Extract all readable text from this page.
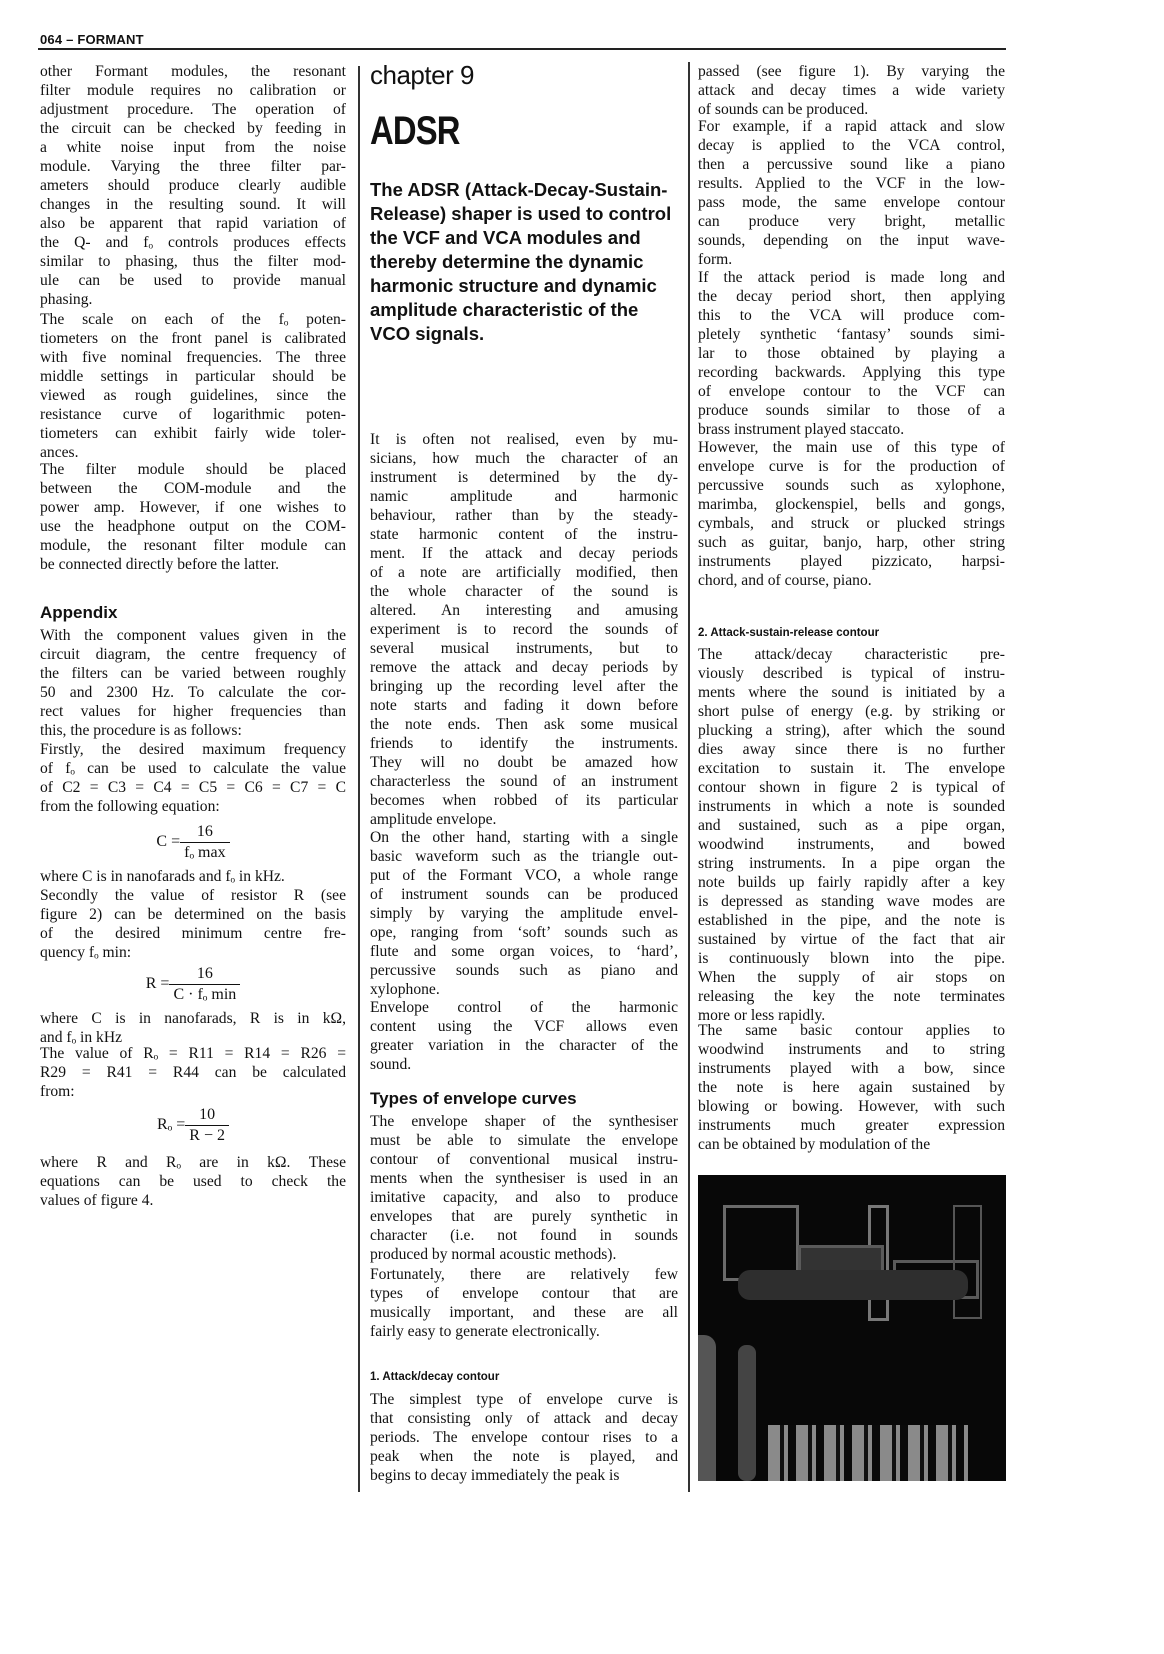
064 – FORMANT
Appendix
other Formant modules, the resonant
filter module requires no calibration or
adjustment procedure. The operation of
the circuit can be checked by feeding in
a white noise input from the noise
module. Varying the three filter par-
ameters should produce clearly audible
changes in the resulting sound. It will
also be apparent that rapid variation of
the Q- and fₒ controls produces effects
similar to phasing, thus the filter mod-
ule can be used to provide manual
phasing.
The scale on each of the fₒ poten-
tiometers on the front panel is calibrated
with five nominal frequencies. The three
middle settings in particular should be
viewed as rough guidelines, since the
resistance curve of logarithmic poten-
tiometers can exhibit fairly wide toler-
ances.
The filter module should be placed
between the COM-module and the
power amp. However, if one wishes to
use the headphone output on the COM-
module, the resonant filter module can
be connected directly before the latter.
With the component values given in the
circuit diagram, the centre frequency of
the filters can be varied between roughly
50 and 2300 Hz. To calculate the cor-
rect values for higher frequencies than
this, the procedure is as follows:
Firstly, the desired maximum frequency
of fₒ can be used to calculate the value
of C2 = C3 = C4 = C5 = C6 = C7 = C
from the following equation:
$C = \frac{16}{\text{fₒ max}}$
where C is in nanofarads and fₒ in kHz.
Secondly the value of resistor R (see
figure 2) can be determined on the basis
of the desired minimum centre fre-
quency fₒ min:
$R = \frac{16}{\text{C · fₒ min}}$
where C is in nanofarads, R is in kΩ,
and fₒ in kHz
The value of Rₒ = R11 = R14 = R26 =
R29 = R41 = R44 can be calculated
from:
$R_o = \frac{10}{R - 2}$
where R and Rₒ are in kΩ. These
equations can be used to check the
values of figure 4.
chapter 9
ADSR
Types of envelope curves
1. Attack/decay contour
The ADSR (Attack-Decay-Sustain-
Release) shaper is used to control
the VCF and VCA modules and
thereby determine the dynamic
harmonic structure and dynamic
amplitude characteristic of the
VCO signals.
It is often not realised, even by mu-
sicians, how much the character of an
instrument is determined by the dy-
namic amplitude and harmonic
behaviour, rather than by the steady-
state harmonic content of the instru-
ment. If the attack and decay periods
of a note are artificially modified, then
the whole character of the sound is
altered. An interesting and amusing
experiment is to record the sounds of
several musical instruments, but to
remove the attack and decay periods by
bringing up the recording level after the
note starts and fading it down before
the note ends. Then ask some musical
friends to identify the instruments.
They will no doubt be amazed how
characterless the sound of an instrument
becomes when robbed of its particular
amplitude envelope.
On the other hand, starting with a single
basic waveform such as the triangle out-
put of the Formant VCO, a whole range
of instrument sounds can be produced
simply by varying the amplitude envel-
ope, ranging from ‘soft’ sounds such as
flute and some organ voices, to ‘hard’,
percussive sounds such as piano and
xylophone.
Envelope control of the harmonic
content using the VCF allows even
greater variation in the character of the
sound.
The envelope shaper of the synthesiser
must be able to simulate the envelope
contour of conventional musical instru-
ments when the synthesiser is used in an
imitative capacity, and also to produce
envelopes that are purely synthetic in
character (i.e. not found in sounds
produced by normal acoustic methods).
Fortunately, there are relatively few
types of envelope contour that are
musically important, and these are all
fairly easy to generate electronically.
The simplest type of envelope curve is
that consisting only of attack and decay
periods. The envelope contour rises to a
peak when the note is played, and
begins to decay immediately the peak is
2. Attack-sustain-release contour
passed (see figure 1). By varying the
attack and decay times a wide variety
of sounds can be produced.
For example, if a rapid attack and slow
decay is applied to the VCA control,
then a percussive sound like a piano
results. Applied to the VCF in the low-
pass mode, the same envelope contour
can produce very bright, metallic
sounds, depending on the input wave-
form.
If the attack period is made long and
the decay period short, then applying
this to the VCA will produce com-
pletely synthetic ‘fantasy’ sounds simi-
lar to those obtained by playing a
recording backwards. Applying this type
of envelope contour to the VCF can
produce sounds similar to those of a
brass instrument played staccato.
However, the main use of this type of
envelope curve is for the production of
percussive sounds such as xylophone,
marimba, glockenspiel, bells and gongs,
cymbals, and struck or plucked strings
such as guitar, banjo, harp, other string
instruments played pizzicato, harpsi-
chord, and of course, piano.
The attack/decay characteristic pre-
viously described is typical of instru-
ments where the sound is initiated by a
short pulse of energy (e.g. by striking or
plucking a string), after which the sound
dies away since there is no further
excitation to sustain it. The envelope
contour shown in figure 2 is typical of
instruments in which a note is sounded
and sustained, such as a pipe organ,
woodwind instruments, and bowed
string instruments. In a pipe organ the
note builds up fairly rapidly after a key
is depressed as standing wave modes are
established in the pipe, and the note is
sustained by virtue of the fact that air
is continuously blown into the pipe.
When the supply of air stops on
releasing the key the note terminates
more or less rapidly.
The same basic contour applies to
woodwind instruments and to string
instruments played with a bow, since
the note is here again sustained by
blowing or bowing. However, with such
instruments much greater expression
can be obtained by modulation of the
